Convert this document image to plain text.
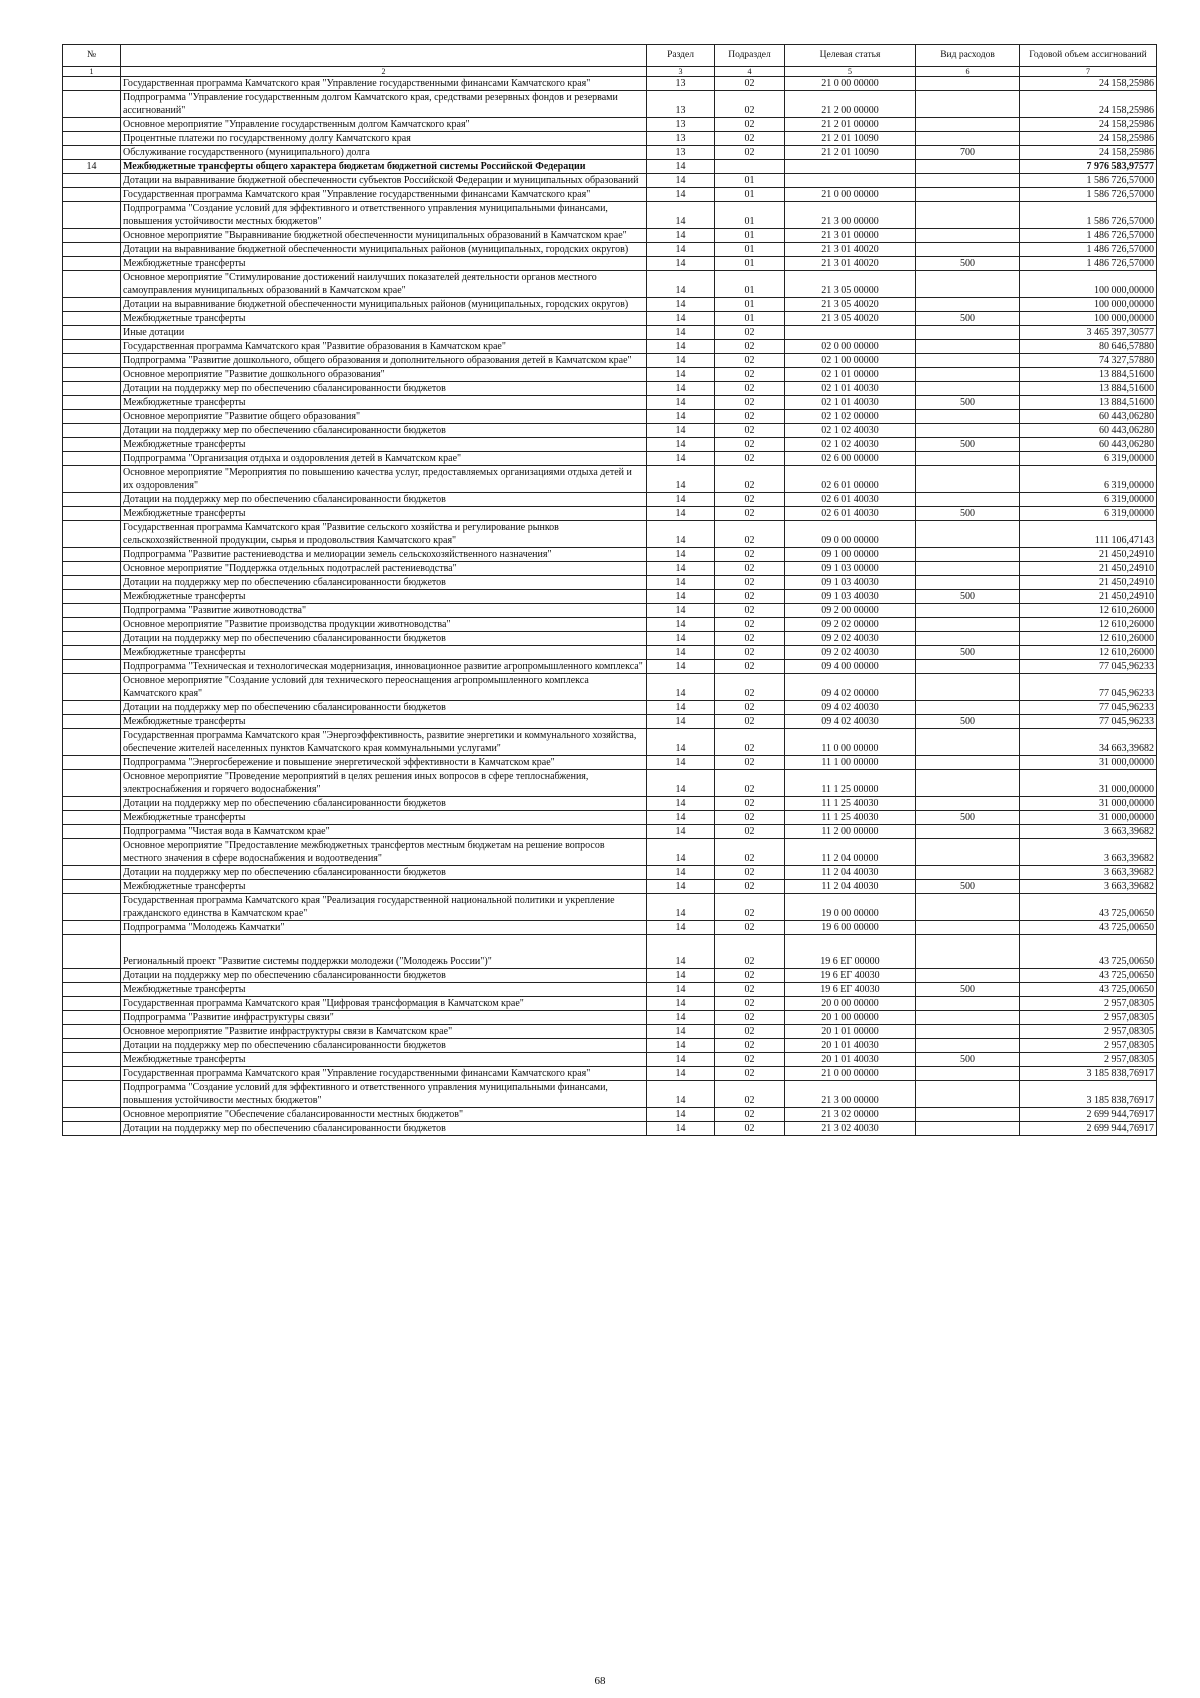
№		Раздел	Подраздел	Целевая статья	Вид расходов	Годовой объем ассигнований
1	2	3	4	5	6	7
	Государственная программа Камчатского края "Управление государственными финансами Камчатского края"	13	02	21 0 00 00000		24 158,25986
	Подпрограмма "Управление государственным долгом Камчатского края, средствами резервных фондов и резервами ассигнований"	13	02	21 2 00 00000		24 158,25986
	Основное мероприятие "Управление государственным долгом Камчатского края"	13	02	21 2 01 00000		24 158,25986
	Процентные платежи по государственному долгу Камчатского края	13	02	21 2 01 10090		24 158,25986
	Обслуживание государственного (муниципального) долга	13	02	21 2 01 10090	700	24 158,25986
14	Межбюджетные трансферты общего характера бюджетам бюджетной системы Российской Федерации	14				7 976 583,97577
	Дотации на выравнивание бюджетной обеспеченности субъектов Российской Федерации и муниципальных образований	14	01			1 586 726,57000
	Государственная программа Камчатского края "Управление государственными финансами Камчатского края"	14	01	21 0 00 00000		1 586 726,57000
	Подпрограмма "Создание условий для эффективного и ответственного управления муниципальными финансами, повышения устойчивости местных бюджетов"	14	01	21 3 00 00000		1 586 726,57000
	Основное мероприятие "Выравнивание бюджетной обеспеченности муниципальных образований в Камчатском крае"	14	01	21 3 01 00000		1 486 726,57000
	Дотации на выравнивание бюджетной обеспеченности муниципальных районов (муниципальных, городских округов)	14	01	21 3 01 40020		1 486 726,57000
	Межбюджетные трансферты	14	01	21 3 01 40020	500	1 486 726,57000
	Основное мероприятие "Стимулирование достижений наилучших показателей деятельности органов местного самоуправления муниципальных образований в Камчатском крае"	14	01	21 3 05 00000		100 000,00000
	Дотации на выравнивание бюджетной обеспеченности муниципальных районов (муниципальных, городских округов)	14	01	21 3 05 40020		100 000,00000
	Межбюджетные трансферты	14	01	21 3 05 40020	500	100 000,00000
	Иные дотации	14	02			3 465 397,30577
	Государственная программа Камчатского края "Развитие образования в Камчатском крае"	14	02	02 0 00 00000		80 646,57880
	Подпрограмма "Развитие дошкольного, общего образования и дополнительного образования детей в Камчатском крае"	14	02	02 1 00 00000		74 327,57880
	Основное мероприятие "Развитие дошкольного образования"	14	02	02 1 01 00000		13 884,51600
	Дотации на поддержку мер по обеспечению сбалансированности бюджетов	14	02	02 1 01 40030		13 884,51600
	Межбюджетные трансферты	14	02	02 1 01 40030	500	13 884,51600
	Основное мероприятие "Развитие общего образования"	14	02	02 1 02 00000		60 443,06280
	Дотации на поддержку мер по обеспечению сбалансированности бюджетов	14	02	02 1 02 40030		60 443,06280
	Межбюджетные трансферты	14	02	02 1 02 40030	500	60 443,06280
	Подпрограмма "Организация отдыха и оздоровления детей в Камчатском крае"	14	02	02 6 00 00000		6 319,00000
	Основное мероприятие "Мероприятия по повышению качества услуг, предоставляемых организациями отдыха детей и их оздоровления"	14	02	02 6 01 00000		6 319,00000
	Дотации на поддержку мер по обеспечению сбалансированности бюджетов	14	02	02 6 01 40030		6 319,00000
	Межбюджетные трансферты	14	02	02 6 01 40030	500	6 319,00000
	Государственная программа Камчатского края "Развитие сельского хозяйства и регулирование рынков сельскохозяйственной продукции, сырья и продовольствия Камчатского края"	14	02	09 0 00 00000		111 106,47143
	Подпрограмма "Развитие растениеводства и мелиорации земель сельскохозяйственного назначения"	14	02	09 1 00 00000		21 450,24910
	Основное мероприятие "Поддержка отдельных подотраслей растениеводства"	14	02	09 1 03 00000		21 450,24910
	Дотации на поддержку мер по обеспечению сбалансированности бюджетов	14	02	09 1 03 40030		21 450,24910
	Межбюджетные трансферты	14	02	09 1 03 40030	500	21 450,24910
	Подпрограмма "Развитие животноводства"	14	02	09 2 00 00000		12 610,26000
	Основное мероприятие "Развитие производства продукции животноводства"	14	02	09 2 02 00000		12 610,26000
	Дотации на поддержку мер по обеспечению сбалансированности бюджетов	14	02	09 2 02 40030		12 610,26000
	Межбюджетные трансферты	14	02	09 2 02 40030	500	12 610,26000
	Подпрограмма "Техническая и технологическая модернизация, инновационное развитие агропромышленного комплекса"	14	02	09 4 00 00000		77 045,96233
	Основное мероприятие "Создание условий для технического переоснащения агропромышленного комплекса Камчатского края"	14	02	09 4 02 00000		77 045,96233
	Дотации на поддержку мер по обеспечению сбалансированности бюджетов	14	02	09 4 02 40030		77 045,96233
	Межбюджетные трансферты	14	02	09 4 02 40030	500	77 045,96233
	Государственная программа Камчатского края "Энергоэффективность, развитие энергетики и коммунального хозяйства, обеспечение жителей населенных пунктов Камчатского края коммунальными услугами"	14	02	11 0 00 00000		34 663,39682
	Подпрограмма "Энергосбережение и повышение энергетической эффективности в Камчатском крае"	14	02	11 1 00 00000		31 000,00000
	Основное мероприятие "Проведение мероприятий в целях решения иных вопросов в сфере теплоснабжения, электроснабжения и горячего водоснабжения"	14	02	11 1 25 00000		31 000,00000
	Дотации на поддержку мер по обеспечению сбалансированности бюджетов	14	02	11 1 25 40030		31 000,00000
	Межбюджетные трансферты	14	02	11 1 25 40030	500	31 000,00000
	Подпрограмма "Чистая вода в Камчатском крае"	14	02	11 2 00 00000		3 663,39682
	Основное мероприятие "Предоставление межбюджетных трансфертов местным бюджетам на решение вопросов местного значения в сфере водоснабжения и водоотведения"	14	02	11 2 04 00000		3 663,39682
	Дотации на поддержку мер по обеспечению сбалансированности бюджетов	14	02	11 2 04 40030		3 663,39682
	Межбюджетные трансферты	14	02	11 2 04 40030	500	3 663,39682
	Государственная программа Камчатского края "Реализация государственной национальной политики и укрепление гражданского единства в Камчатском крае"	14	02	19 0 00 00000		43 725,00650
	Подпрограмма "Молодежь Камчатки"	14	02	19 6 00 00000		43 725,00650
	Региональный проект "Развитие системы поддержки молодежи ("Молодежь России")"	14	02	19 6 ЕГ 00000		43 725,00650
	Дотации на поддержку мер по обеспечению сбалансированности бюджетов	14	02	19 6 ЕГ 40030		43 725,00650
	Межбюджетные трансферты	14	02	19 6 ЕГ 40030	500	43 725,00650
	Государственная программа Камчатского края "Цифровая трансформация в Камчатском крае"	14	02	20 0 00 00000		2 957,08305
	Подпрограмма "Развитие инфраструктуры связи"	14	02	20 1 00 00000		2 957,08305
	Основное мероприятие "Развитие инфраструктуры связи в Камчатском крае"	14	02	20 1 01 00000		2 957,08305
	Дотации на поддержку мер по обеспечению сбалансированности бюджетов	14	02	20 1 01 40030		2 957,08305
	Межбюджетные трансферты	14	02	20 1 01 40030	500	2 957,08305
	Государственная программа Камчатского края "Управление государственными финансами Камчатского края"	14	02	21 0 00 00000		3 185 838,76917
	Подпрограмма "Создание условий для эффективного и ответственного управления муниципальными финансами, повышения устойчивости местных бюджетов"	14	02	21 3 00 00000		3 185 838,76917
	Основное мероприятие "Обеспечение сбалансированности местных бюджетов"	14	02	21 3 02 00000		2 699 944,76917
	Дотации на поддержку мер по обеспечению сбалансированности бюджетов	14	02	21 3 02 40030		2 699 944,76917
68
